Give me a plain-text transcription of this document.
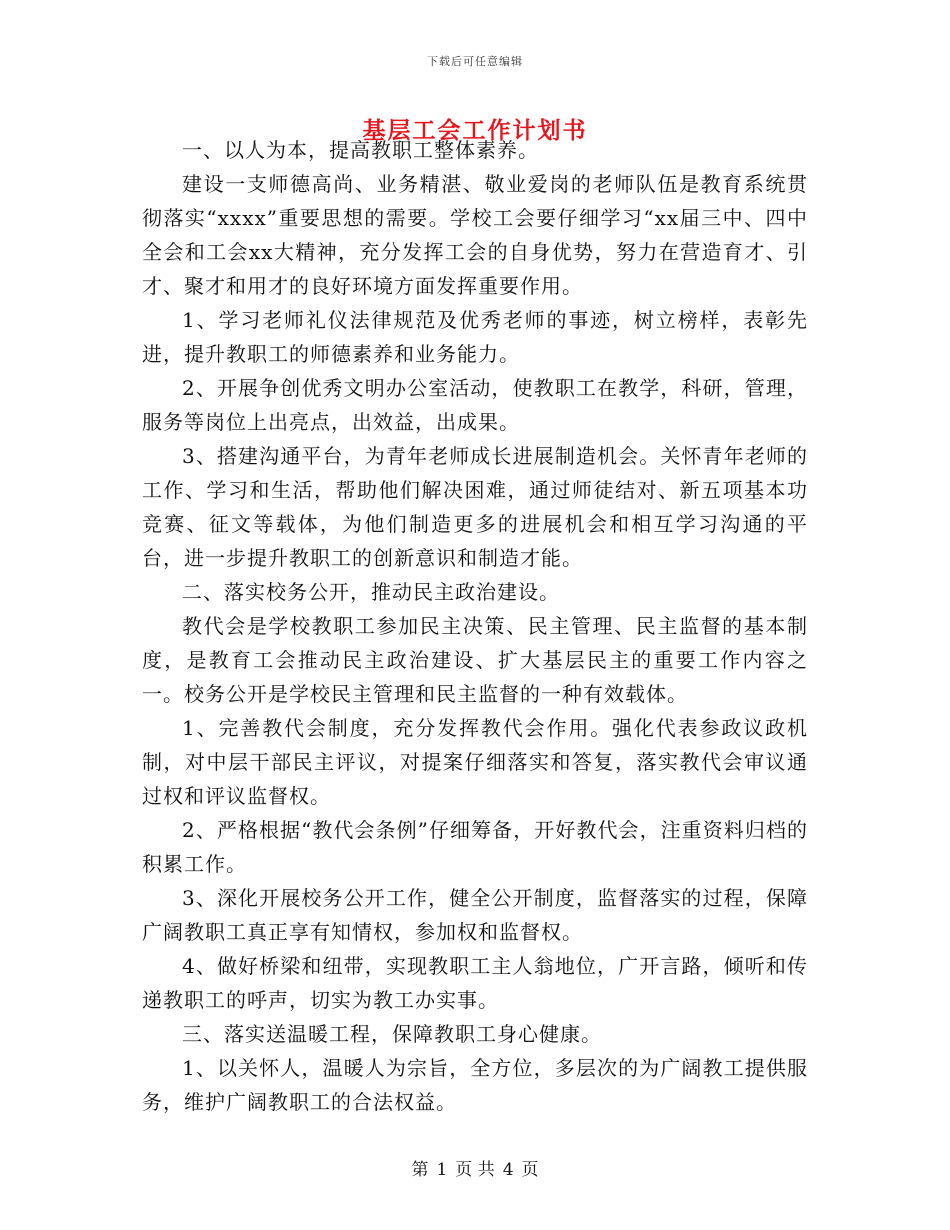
下载后可任意编辑
基层工会工作计划书

一、以人为本，提高教职工整体素养。

建设一支师德高尚、业务精湛、敬业爱岗的老师队伍是教育系统贯彻落实“xxxx”重要思想的需要。学校工会要仔细学习“xx届三中、四中全会和工会xx大精神，充分发挥工会的自身优势，努力在营造育才、引才、聚才和用才的良好环境方面发挥重要作用。

1、学习老师礼仪法律规范及优秀老师的事迹，树立榜样，表彰先进，提升教职工的师德素养和业务能力。

2、开展争创优秀文明办公室活动，使教职工在教学，科研，管理，服务等岗位上出亮点，出效益，出成果。

3、搭建沟通平台，为青年老师成长进展制造机会。关怀青年老师的工作、学习和生活，帮助他们解决困难，通过师徒结对、新五项基本功竞赛、征文等载体，为他们制造更多的进展机会和相互学习沟通的平台，进一步提升教职工的创新意识和制造才能。

二、落实校务公开，推动民主政治建设。

教代会是学校教职工参加民主决策、民主管理、民主监督的基本制度，是教育工会推动民主政治建设、扩大基层民主的重要工作内容之一。校务公开是学校民主管理和民主监督的一种有效载体。

1、完善教代会制度，充分发挥教代会作用。强化代表参政议政机制，对中层干部民主评议，对提案仔细落实和答复，落实教代会审议通过权和评议监督权。

2、严格根据“教代会条例”仔细筹备，开好教代会，注重资料归档的积累工作。

3、深化开展校务公开工作，健全公开制度，监督落实的过程，保障广阔教职工真正享有知情权，参加权和监督权。

4、做好桥梁和纽带，实现教职工主人翁地位，广开言路，倾听和传递教职工的呼声，切实为教工办实事。

三、落实送温暖工程，保障教职工身心健康。

1、以关怀人，温暖人为宗旨，全方位，多层次的为广阔教工提供服务，维护广阔教职工的合法权益。

第 1 页 共 4 页
